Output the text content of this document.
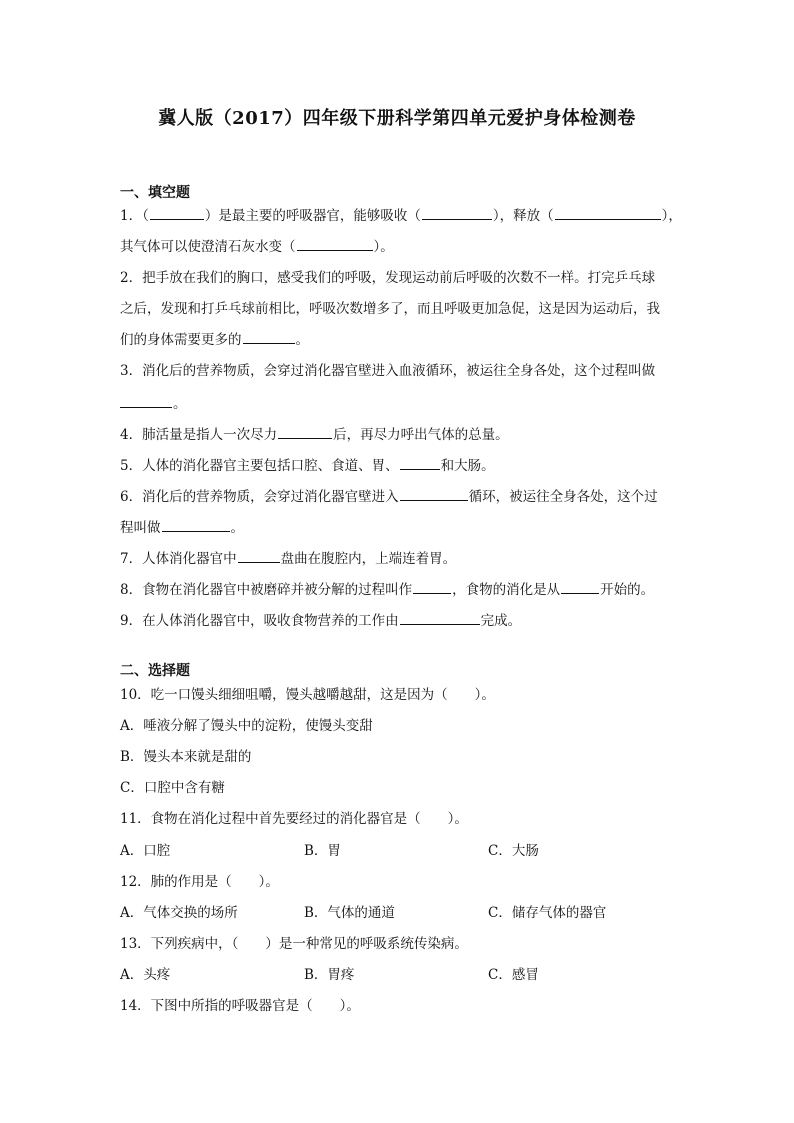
冀人版（2017）四年级下册科学第四单元爱护身体检测卷
一、填空题
1．（	）是最主要的呼吸器官，能够吸收（	），释放（	），
其气体可以使澄清石灰水变（	）。
2．把手放在我们的胸口，感受我们的呼吸，发现运动前后呼吸的次数不一样。打完乒乓球
之后，发现和打乒乓球前相比，呼吸次数增多了，而且呼吸更加急促，这是因为运动后，我
们的身体需要更多的	。
3．消化后的营养物质，会穿过消化器官壁进入血液循环，被运往全身各处，这个过程叫做
。
4．肺活量是指人一次尽力	后，再尽力呼出气体的总量。
5．人体的消化器官主要包括口腔、食道、胃、	和大肠。
6．消化后的营养物质，会穿过消化器官壁进入	循环，被运往全身各处，这个过
程叫做	。
7．人体消化器官中	盘曲在腹腔内，上端连着胃。
8．食物在消化器官中被磨碎并被分解的过程叫作	，食物的消化是从	开始的。
9．在人体消化器官中，吸收食物营养的工作由	完成。
二、选择题
10．吃一口馒头细细咀嚼，馒头越嚼越甜，这是因为（　　）。
A．唾液分解了馒头中的淀粉，使馒头变甜
B．馒头本来就是甜的
C．口腔中含有糖
11．食物在消化过程中首先要经过的消化器官是（　　）。
A．口腔	B．胃	C．大肠
12．肺的作用是（　　）。
A．气体交换的场所	B．气体的通道	C．储存气体的器官
13．下列疾病中，（　　）是一种常见的呼吸系统传染病。
A．头疼	B．胃疼	C．感冒
14．下图中所指的呼吸器官是（　　）。
